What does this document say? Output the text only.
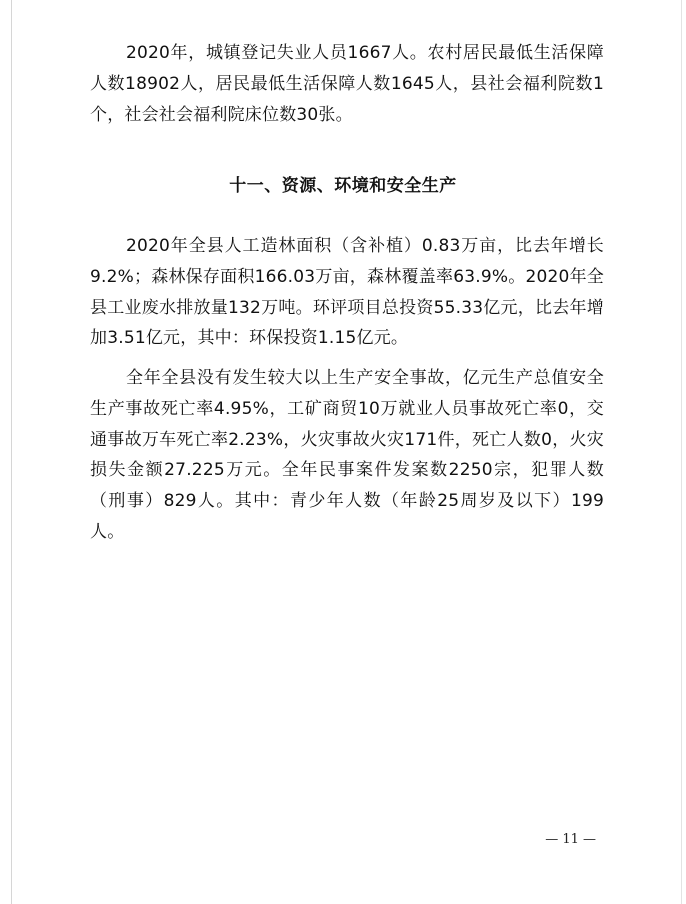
2020年，城镇登记失业人员1667人。农村居民最低生活保障人数18902人，居民最低生活保障人数1645人，县社会福利院数1个，社会社会福利院床位数30张。

十一、资源、环境和安全生产

2020年全县人工造林面积（含补植）0.83万亩，比去年增长9.2%；森林保存面积166.03万亩，森林覆盖率63.9%。2020年全县工业废水排放量132万吨。环评项目总投资55.33亿元，比去年增加3.51亿元，其中：环保投资1.15亿元。

全年全县没有发生较大以上生产安全事故，亿元生产总值安全生产事故死亡率4.95%，工矿商贸10万就业人员事故死亡率0，交通事故万车死亡率2.23%，火灾事故火灾171件，死亡人数0，火灾损失金额27.225万元。全年民事案件发案数2250宗，犯罪人数（刑事）829人。其中：青少年人数（年龄25周岁及以下）199人。

— 11 —
